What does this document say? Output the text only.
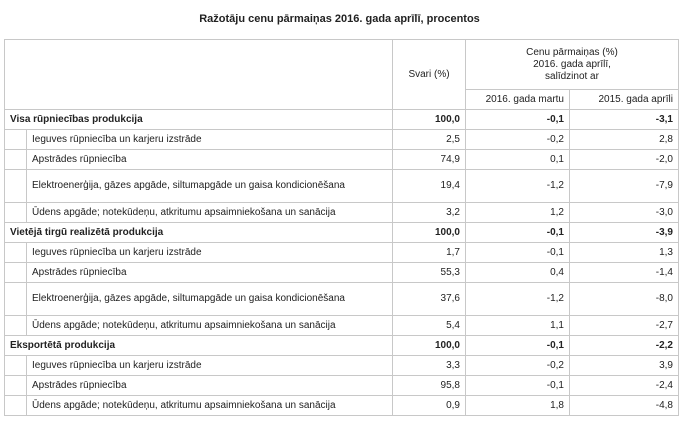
Ražotāju cenu pārmaiņas 2016. gada aprīlī, procentos
		Svari (%)	Cenu pārmaiņas (%)
2016. gada aprīlī,
salīdzinot ar	
			2016. gada martu	2015. gada aprīli
Visa rūpniecības produkcija		100,0	-0,1	-3,1
	Ieguves rūpniecība un karjeru izstrāde	2,5	-0,2	2,8
	Apstrādes rūpniecība	74,9	0,1	-2,0
	Elektroenerģija, gāzes apgāde, siltumapgāde un gaisa kondicionēšana	19,4	-1,2	-7,9
	Ūdens apgāde; notekūdeņu, atkritumu apsaimniekošana un sanācija	3,2	1,2	-3,0
Vietējā tirgū realizētā produkcija		100,0	-0,1	-3,9
	Ieguves rūpniecība un karjeru izstrāde	1,7	-0,1	1,3
	Apstrādes rūpniecība	55,3	0,4	-1,4
	Elektroenerģija, gāzes apgāde, siltumapgāde un gaisa kondicionēšana	37,6	-1,2	-8,0
	Ūdens apgāde; notekūdeņu, atkritumu apsaimniekošana un sanācija	5,4	1,1	-2,7
Eksportētā produkcija		100,0	-0,1	-2,2
	Ieguves rūpniecība un karjeru izstrāde	3,3	-0,2	3,9
	Apstrādes rūpniecība	95,8	-0,1	-2,4
	Ūdens apgāde; notekūdeņu, atkritumu apsaimniekošana un sanācija	0,9	1,8	-4,8
